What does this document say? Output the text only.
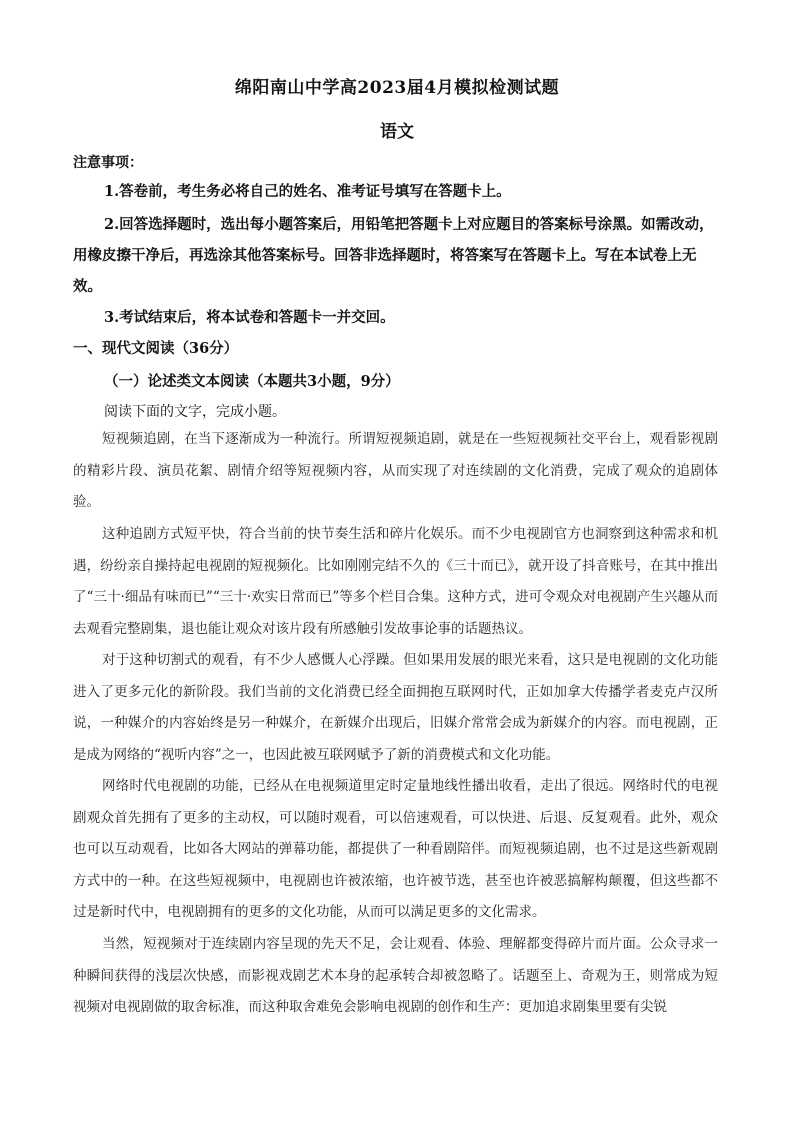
绵阳南山中学高2023届4月模拟检测试题
语文
注意事项：

1.答卷前，考生务必将自己的姓名、准考证号填写在答题卡上。

2.回答选择题时，选出每小题答案后，用铅笔把答题卡上对应题目的答案标号涂黑。如需改动，用橡皮擦干净后，再选涂其他答案标号。回答非选择题时，将答案写在答题卡上。写在本试卷上无效。

3.考试结束后，将本试卷和答题卡一并交回。

一、现代文阅读（36分）
（一）论述类文本阅读（本题共3小题，9分）
阅读下面的文字，完成小题。

短视频追剧，在当下逐渐成为一种流行。所谓短视频追剧，就是在一些短视频社交平台上，观看影视剧的精彩片段、演员花絮、剧情介绍等短视频内容，从而实现了对连续剧的文化消费，完成了观众的追剧体验。

这种追剧方式短平快，符合当前的快节奏生活和碎片化娱乐。而不少电视剧官方也洞察到这种需求和机遇，纷纷亲自操持起电视剧的短视频化。比如刚刚完结不久的《三十而已》，就开设了抖音账号，在其中推出了“三十·细品有味而已”“三十·欢实日常而已”等多个栏目合集。这种方式，进可令观众对电视剧产生兴趣从而去观看完整剧集，退也能让观众对该片段有所感触引发故事论事的话题热议。

对于这种切割式的观看，有不少人感慨人心浮躁。但如果用发展的眼光来看，这只是电视剧的文化功能进入了更多元化的新阶段。我们当前的文化消费已经全面拥抱互联网时代，正如加拿大传播学者麦克卢汉所说，一种媒介的内容始终是另一种媒介，在新媒介出现后，旧媒介常常会成为新媒介的内容。而电视剧，正是成为网络的“视听内容”之一，也因此被互联网赋予了新的消费模式和文化功能。

网络时代电视剧的功能，已经从在电视频道里定时定量地线性播出收看，走出了很远。网络时代的电视剧观众首先拥有了更多的主动权，可以随时观看，可以倍速观看，可以快进、后退、反复观看。此外，观众也可以互动观看，比如各大网站的弹幕功能，都提供了一种看剧陪伴。而短视频追剧，也不过是这些新观剧方式中的一种。在这些短视频中，电视剧也许被浓缩，也许被节选，甚至也许被恶搞解构颠覆，但这些都不过是新时代中，电视剧拥有的更多的文化功能，从而可以满足更多的文化需求。

当然，短视频对于连续剧内容呈现的先天不足，会让观看、体验、理解都变得碎片而片面。公众寻求一种瞬间获得的浅层次快感，而影视戏剧艺术本身的起承转合却被忽略了。话题至上、奇观为王，则常成为短视频对电视剧做的取舍标准，而这种取舍难免会影响电视剧的创作和生产：更加追求剧集里要有尖锐
